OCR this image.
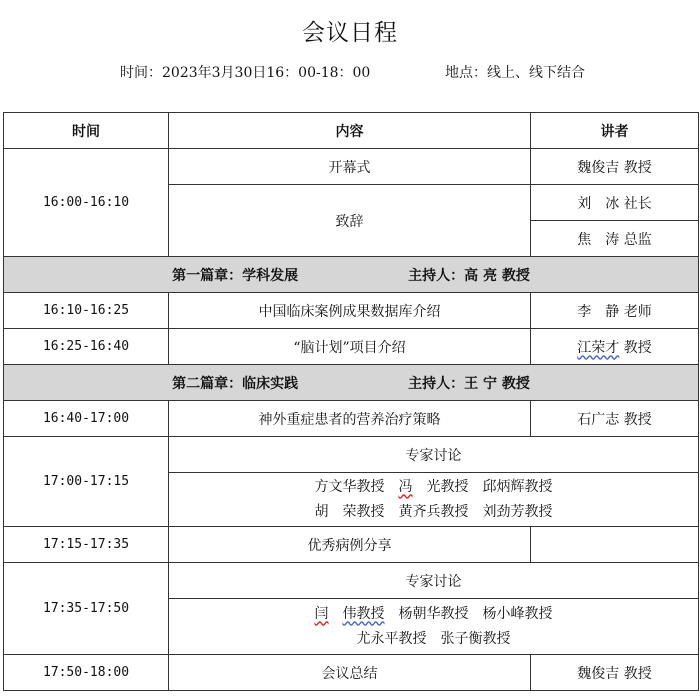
会议日程
时间：2023年3月30日16：00-18：00	地点：线上、线下结合
时间	内容	讲者
16:00-16:10	开幕式	魏俊吉 教授
	致辞	刘　冰 社长
		焦　涛 总监
第一篇章：学科发展 主持人：高 亮 教授		
16:10-16:25	中国临床案例成果数据库介绍	李　静 老师
16:25-16:40	“脑计划”项目介绍	江荣才 教授
第二篇章：临床实践 主持人：王 宁 教授		
16:40-17:00	神外重症患者的营养治疗策略	石广志 教授
17:00-17:15	专家讨论	

	方文华教授　冯　光教授　邱炳辉教授
胡　荣教授　黄齐兵教授　刘劲芳教授	

17:15-17:35	优秀病例分享	
17:35-17:50	专家讨论	

	闫　 伟教授　杨朝华教授　杨小峰教授
尤永平教授　张子衡教授	

17:50-18:00	会议总结	魏俊吉 教授
